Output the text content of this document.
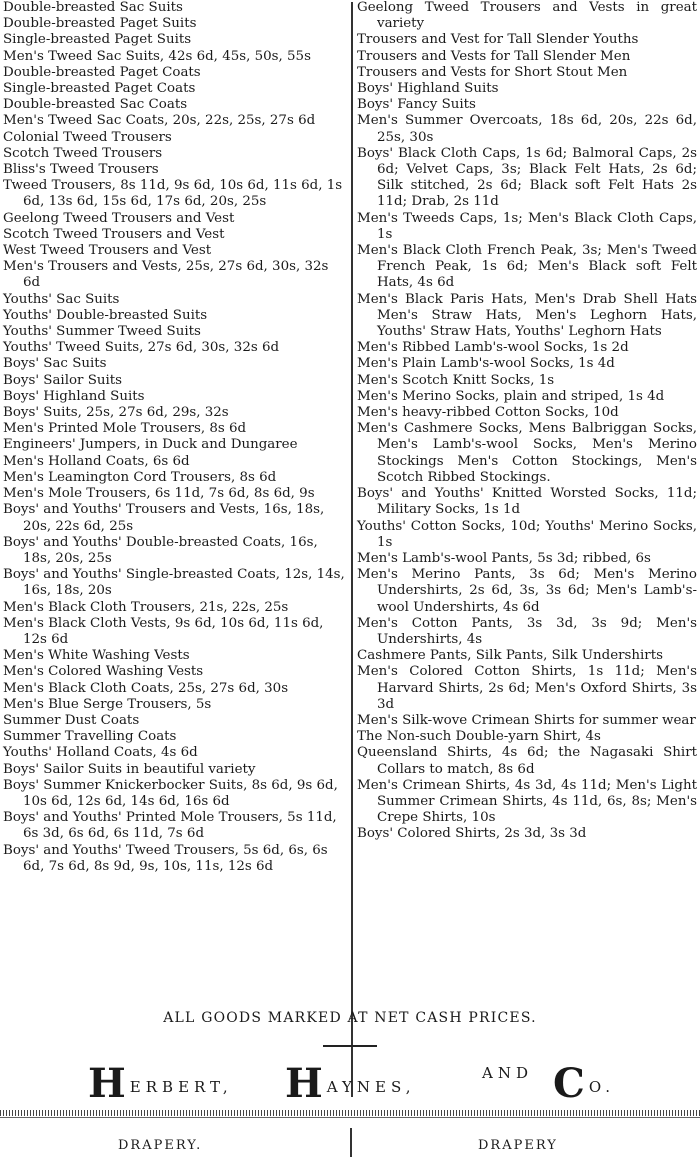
Double-breasted Sac Suits
Double-breasted Paget Suits
Single-breasted Paget Suits
Men's Tweed Sac Suits, 42s 6d, 45s, 50s, 55s
Double-breasted Paget Coats
Single-breasted Paget Coats
Double-breasted Sac Coats
Men's Tweed Sac Coats, 20s, 22s, 25s, 27s 6d
Colonial Tweed Trousers
Scotch Tweed Trousers
Bliss's Tweed Trousers
Tweed Trousers, 8s 11d, 9s 6d, 10s 6d, 11s 6d, 1s 6d, 13s 6d, 15s 6d, 17s 6d, 20s, 25s
Geelong Tweed Trousers and Vest
Scotch Tweed Trousers and Vest
West Tweed Trousers and Vest
Men's Trousers and Vests, 25s, 27s 6d, 30s, 32s 6d
Youths' Sac Suits
Youths' Double-breasted Suits
Youths' Summer Tweed Suits
Youths' Tweed Suits, 27s 6d, 30s, 32s 6d
Boys' Sac Suits
Boys' Sailor Suits
Boys' Highland Suits
Boys' Suits, 25s, 27s 6d, 29s, 32s
Men's Printed Mole Trousers, 8s 6d
Engineers' Jumpers, in Duck and Dungaree
Men's Holland Coats, 6s 6d
Men's Leamington Cord Trousers, 8s 6d
Men's Mole Trousers, 6s 11d, 7s 6d, 8s 6d, 9s
Boys' and Youths' Trousers and Vests, 16s, 18s, 20s, 22s 6d, 25s
Boys' and Youths' Double-breasted Coats, 16s, 18s, 20s, 25s
Boys' and Youths' Single-breasted Coats, 12s, 14s, 16s, 18s, 20s
Men's Black Cloth Trousers, 21s, 22s, 25s
Men's Black Cloth Vests, 9s 6d, 10s 6d, 11s 6d, 12s 6d
Men's White Washing Vests
Men's Colored Washing Vests
Men's Black Cloth Coats, 25s, 27s 6d, 30s
Men's Blue Serge Trousers, 5s
Summer Dust Coats
Summer Travelling Coats
Youths' Holland Coats, 4s 6d
Boys' Sailor Suits in beautiful variety
Boys' Summer Knickerbocker Suits, 8s 6d, 9s 6d, 10s 6d, 12s 6d, 14s 6d, 16s 6d
Boys' and Youths' Printed Mole Trousers, 5s 11d, 6s 3d, 6s 6d, 6s 11d, 7s 6d
Boys' and Youths' Tweed Trousers, 5s 6d, 6s, 6s 6d, 7s 6d, 8s 9d, 9s, 10s, 11s, 12s 6d
Geelong Tweed Trousers and Vests in great variety
Trousers and Vest for Tall Slender Youths
Trousers and Vests for Tall Slender Men
Trousers and Vests for Short Stout Men
Boys' Highland Suits
Boys' Fancy Suits
Men's Summer Overcoats, 18s 6d, 20s, 22s 6d, 25s, 30s
Boys' Black Cloth Caps, 1s 6d; Balmoral Caps, 2s 6d; Velvet Caps, 3s; Black Felt Hats, 2s 6d; Silk stitched, 2s 6d; Black soft Felt Hats 2s 11d; Drab, 2s 11d
Men's Tweeds Caps, 1s; Men's Black Cloth Caps, 1s
Men's Black Cloth French Peak, 3s; Men's Tweed French Peak, 1s 6d; Men's Black soft Felt Hats, 4s 6d
Men's Black Paris Hats, Men's Drab Shell Hats Men's Straw Hats, Men's Leghorn Hats, Youths' Straw Hats, Youths' Leghorn Hats
Men's Ribbed Lamb's-wool Socks, 1s 2d
Men's Plain Lamb's-wool Socks, 1s 4d
Men's Scotch Knitt Socks, 1s
Men's Merino Socks, plain and striped, 1s 4d
Men's heavy-ribbed Cotton Socks, 10d
Men's Cashmere Socks, Mens Balbriggan Socks, Men's Lamb's-wool Socks, Men's Merino Stockings Men's Cotton Stockings, Men's Scotch Ribbed Stockings.
Boys' and Youths' Knitted Worsted Socks, 11d; Military Socks, 1s 1d
Youths' Cotton Socks, 10d; Youths' Merino Socks, 1s
Men's Lamb's-wool Pants, 5s 3d; ribbed, 6s
Men's Merino Pants, 3s 6d; Men's Merino Undershirts, 2s 6d, 3s, 3s 6d; Men's Lamb's-wool Undershirts, 4s 6d
Men's Cotton Pants, 3s 3d, 3s 9d; Men's Undershirts, 4s
Cashmere Pants, Silk Pants, Silk Undershirts
Men's Colored Cotton Shirts, 1s 11d; Men's Harvard Shirts, 2s 6d; Men's Oxford Shirts, 3s 3d
Men's Silk-wove Crimean Shirts for summer wear
The Non-such Double-yarn Shirt, 4s
Queensland Shirts, 4s 6d; the Nagasaki Shirt Collars to match, 8s 6d
Men's Crimean Shirts, 4s 3d, 4s 11d; Men's Light Summer Crimean Shirts, 4s 11d, 6s, 8s; Men's Crepe Shirts, 10s
Boys' Colored Shirts, 2s 3d, 3s 3d
ALL GOODS MARKED AT NET CASH PRICES.
H ERBERT, H AYNES,
AND C O.
DRAPERY.	DRAPERY
